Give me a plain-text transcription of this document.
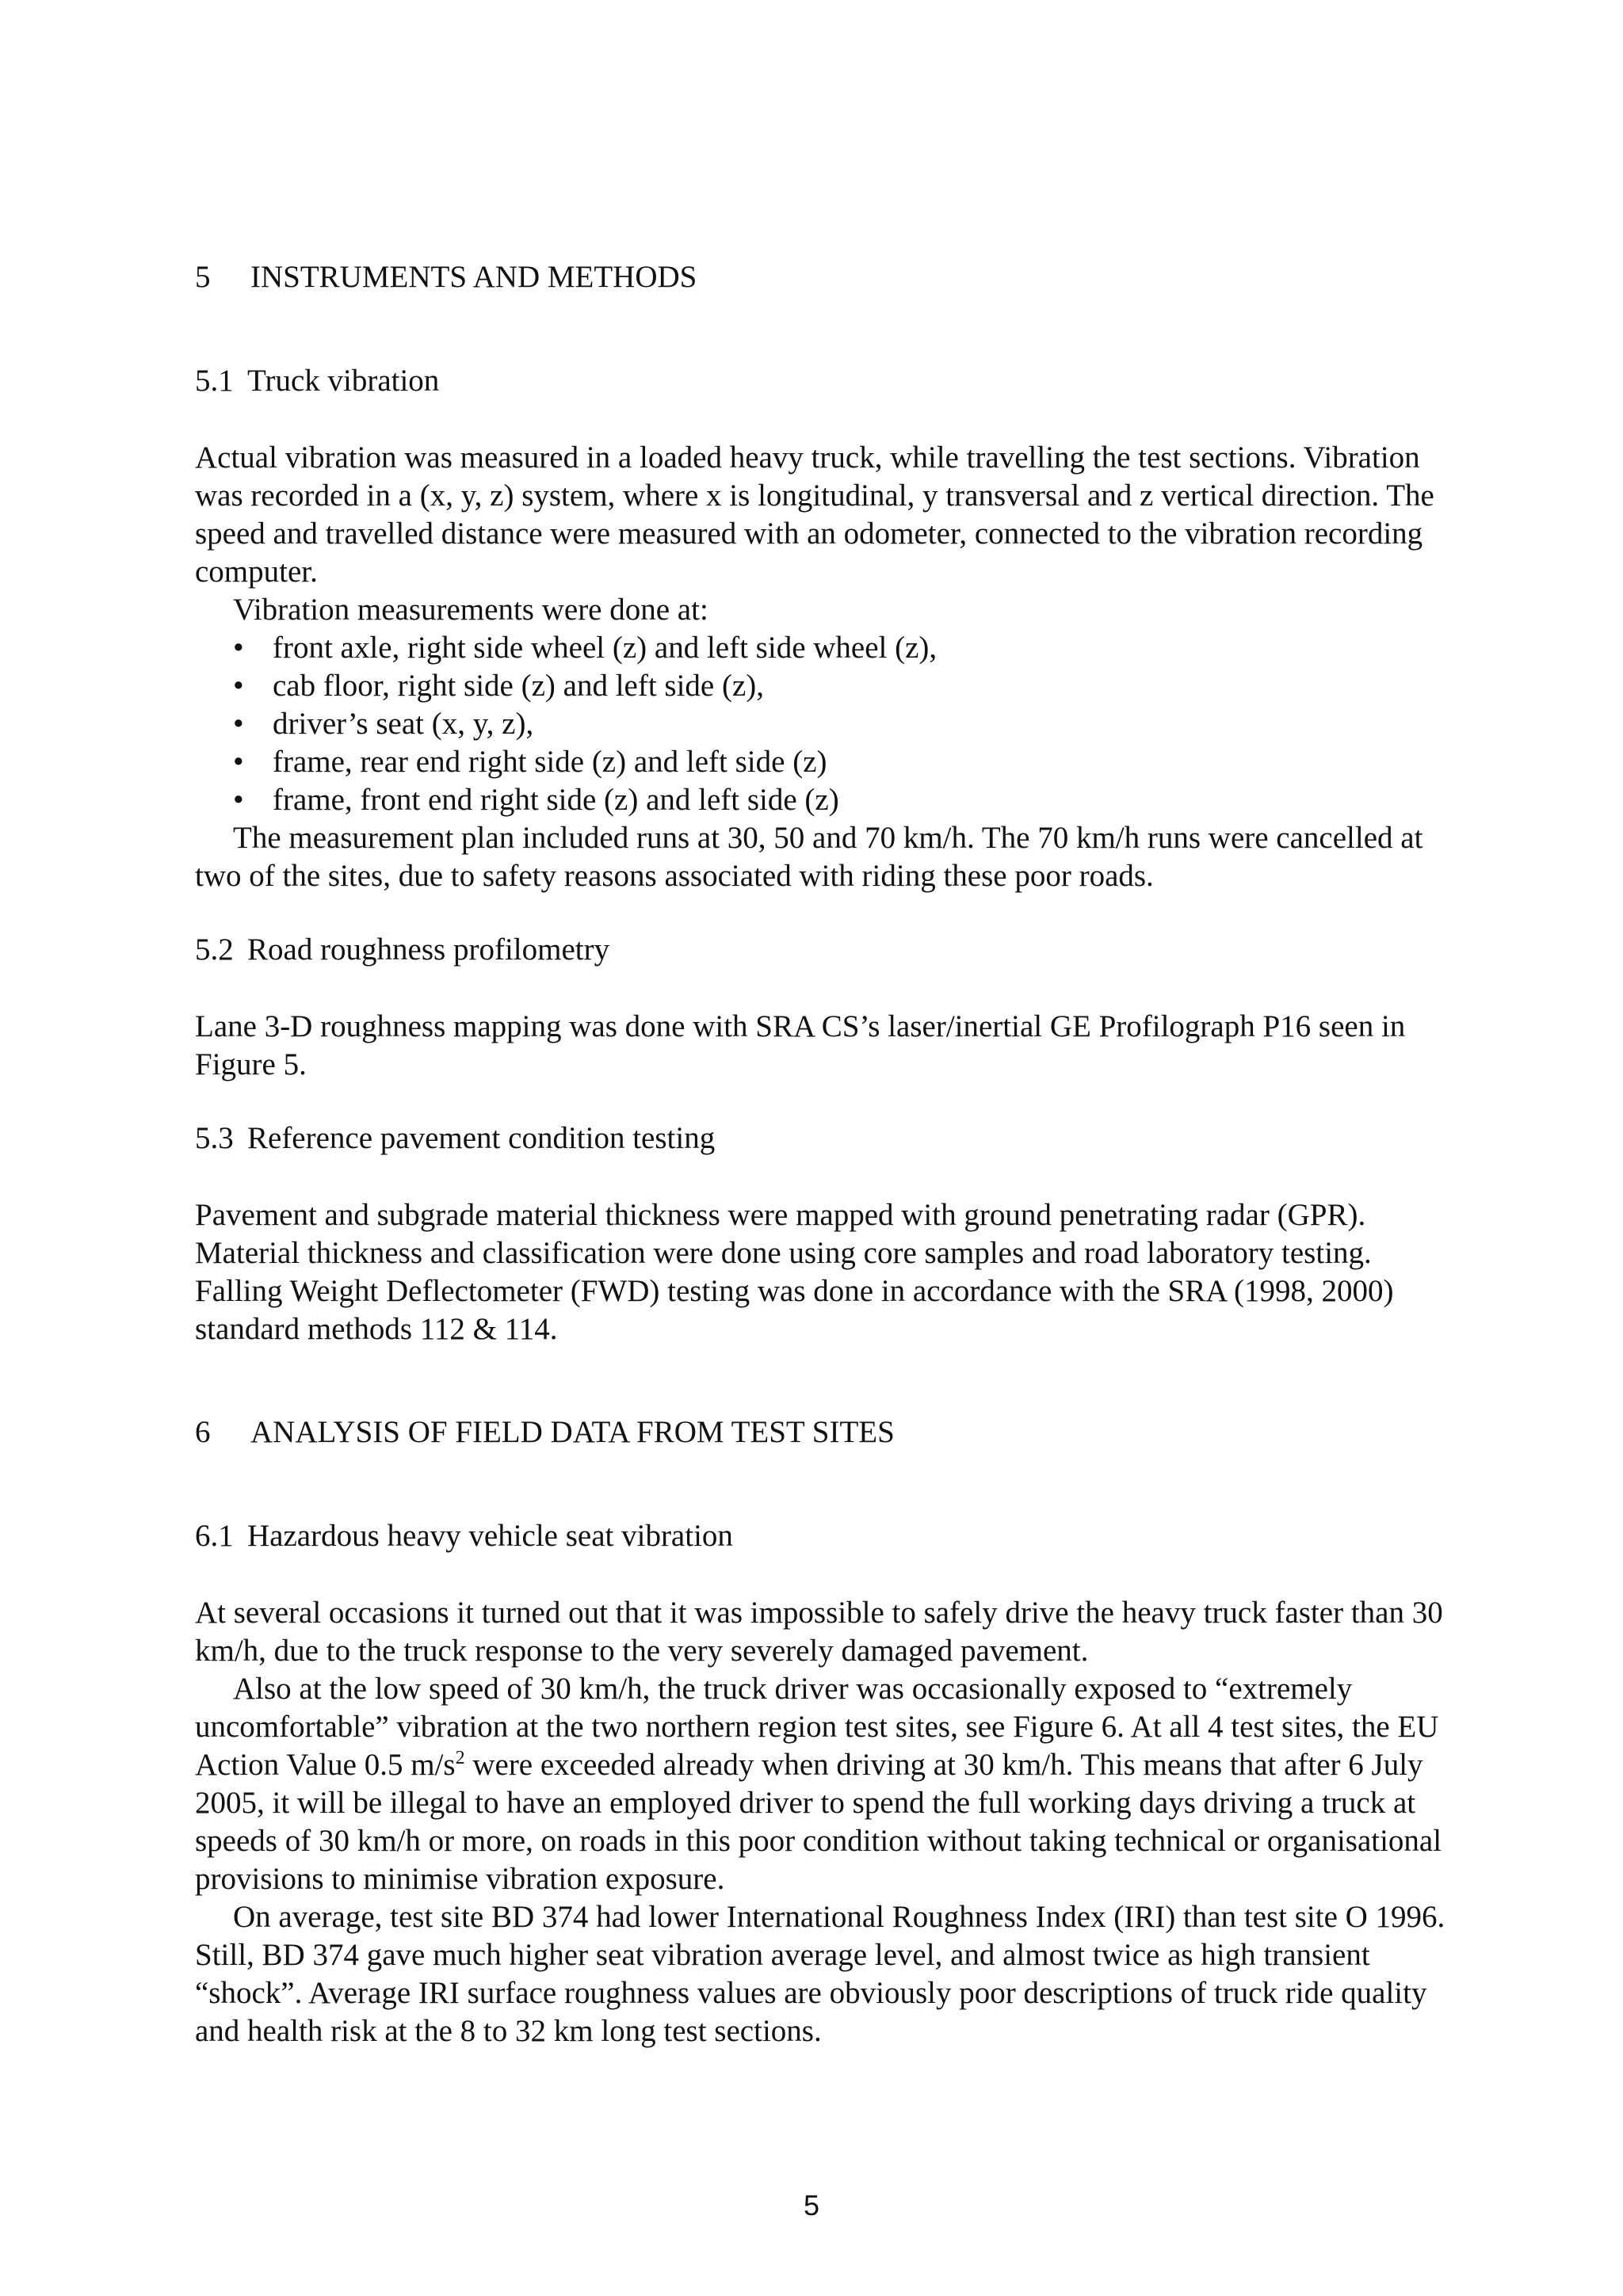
5 INSTRUMENTS AND METHODS
5.1 Truck vibration

Actual vibration was measured in a loaded heavy truck, while travelling the test sections. Vibration was recorded in a (x, y, z) system, where x is longitudinal, y transversal and z vertical direction. The speed and travelled distance were measured with an odometer, connected to the vibration recording computer.

Vibration measurements were done at:

• front axle, right side wheel (z) and left side wheel (z),
• cab floor, right side (z) and left side (z),
• driver’s seat (x, y, z),
• frame, rear end right side (z) and left side (z)
• frame, front end right side (z) and left side (z)

The measurement plan included runs at 30, 50 and 70 km/h. The 70 km/h runs were cancelled at two of the sites, due to safety reasons associated with riding these poor roads.

5.2 Road roughness profilometry

Lane 3-D roughness mapping was done with SRA CS’s laser/inertial GE Profilograph P16 seen in Figure 5.

5.3 Reference pavement condition testing

Pavement and subgrade material thickness were mapped with ground penetrating radar (GPR). Material thickness and classification were done using core samples and road laboratory testing. Falling Weight Deflectometer (FWD) testing was done in accordance with the SRA (1998, 2000) standard methods 112 & 114.

6 ANALYSIS OF FIELD DATA FROM TEST SITES
6.1 Hazardous heavy vehicle seat vibration

At several occasions it turned out that it was impossible to safely drive the heavy truck faster than 30 km/h, due to the truck response to the very severely damaged pavement.

Also at the low speed of 30 km/h, the truck driver was occasionally exposed to “extremely uncomfortable” vibration at the two northern region test sites, see Figure 6. At all 4 test sites, the EU Action Value 0.5 $m/s^2$ were exceeded already when driving at 30 km/h. This means that after 6 July 2005, it will be illegal to have an employed driver to spend the full working days driving a truck at speeds of 30 km/h or more, on roads in this poor condition without taking technical or organisational provisions to minimise vibration exposure.

On average, test site BD 374 had lower International Roughness Index (IRI) than test site O 1996. Still, BD 374 gave much higher seat vibration average level, and almost twice as high transient “shock”. Average IRI surface roughness values are obviously poor descriptions of truck ride quality and health risk at the 8 to 32 km long test sections.

5
